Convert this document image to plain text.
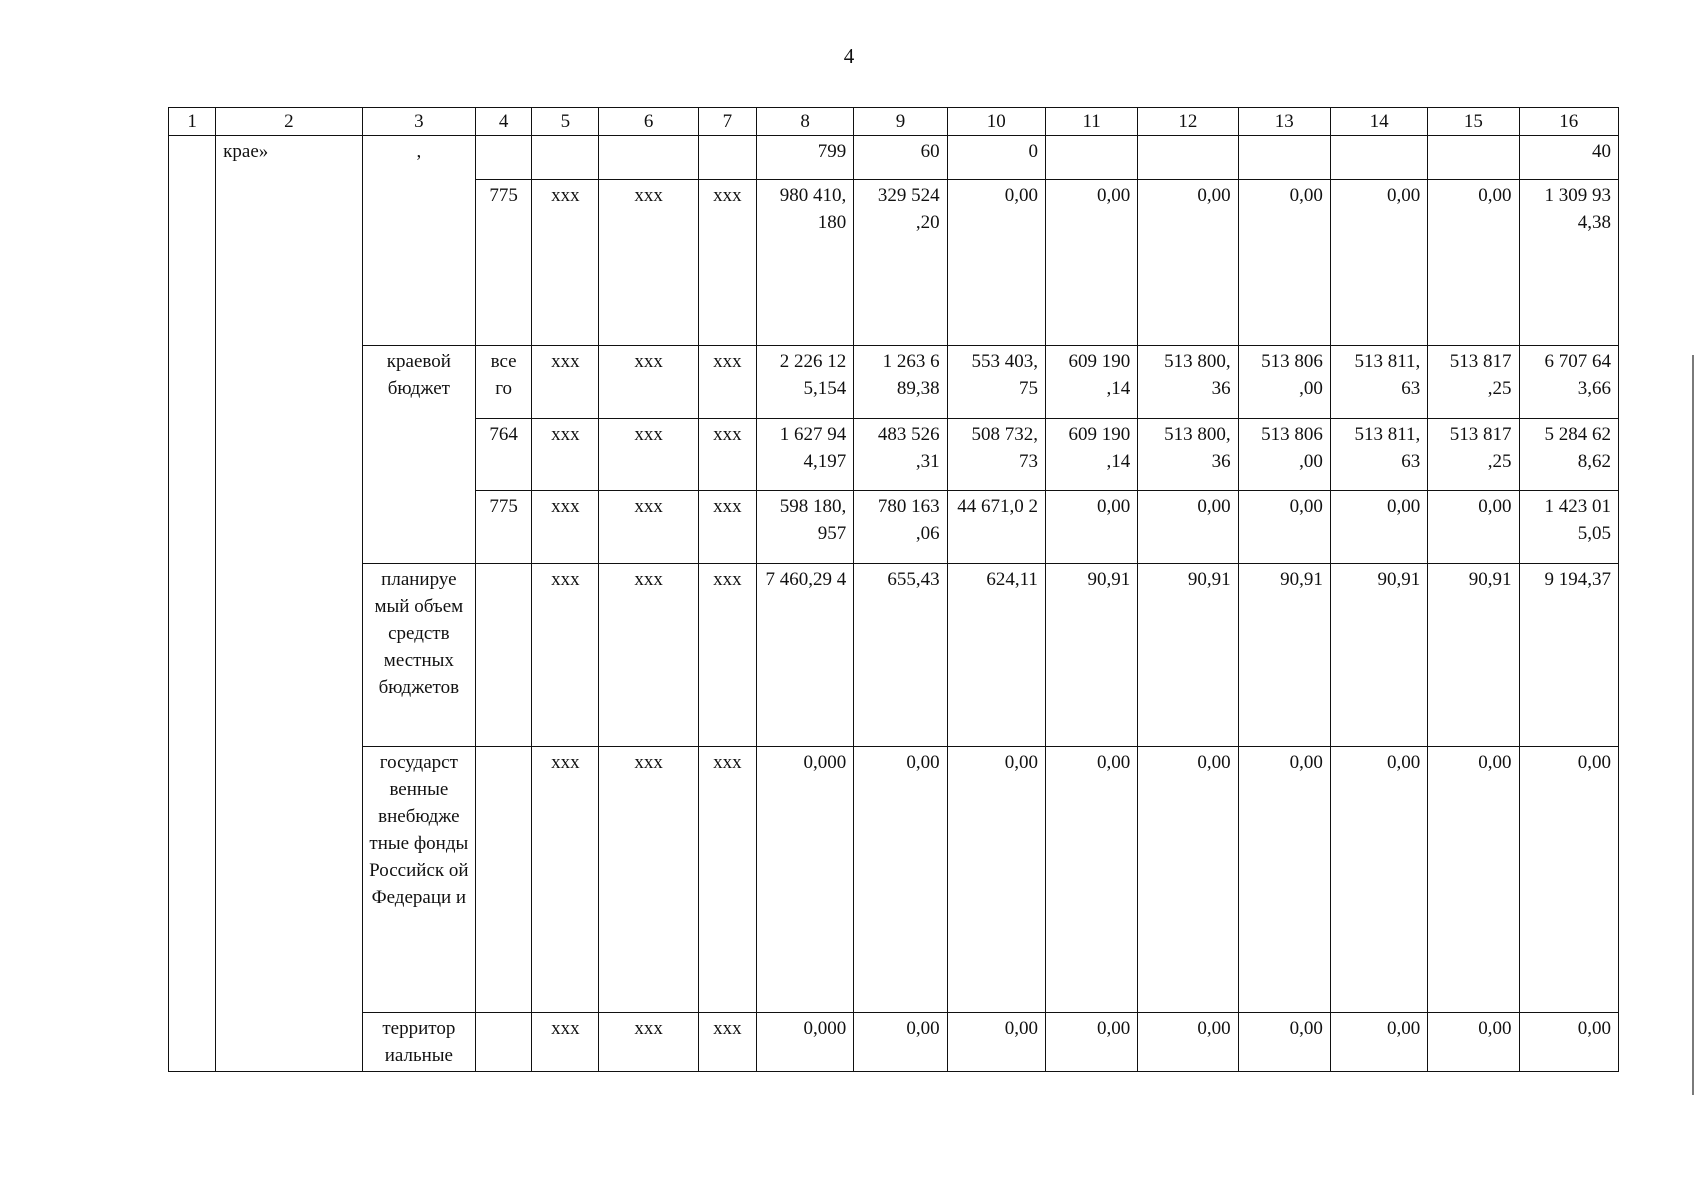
4
1	2	3	4	5	6	7	8	9	10	11	12	13	14	15	16
	крае»	,					799	60	0						40
			775	xxx	xxx	xxx	980 410, 180	329 524 ,20	0,00	0,00	0,00	0,00	0,00	0,00	1 309 93 4,38
		краевой бюджет	все го	xxx	xxx	xxx	2 226 12 5,154	1 263 6 89,38	553 403, 75	609 190 ,14	513 800, 36	513 806 ,00	513 811, 63	513 817 ,25	6 707 64 3,66
			764	xxx	xxx	xxx	1 627 94 4,197	483 526 ,31	508 732, 73	609 190 ,14	513 800, 36	513 806 ,00	513 811, 63	513 817 ,25	5 284 62 8,62
			775	xxx	xxx	xxx	598 180, 957	780 163 ,06	44 671,0 2	0,00	0,00	0,00	0,00	0,00	1 423 01 5,05
		планируе мый объем средств местных бюджетов		xxx	xxx	xxx	7 460,29 4	655,43	624,11	90,91	90,91	90,91	90,91	90,91	9 194,37
		государст венные внебюдже тные фонды Российск ой Федераци и		xxx	xxx	xxx	0,000	0,00	0,00	0,00	0,00	0,00	0,00	0,00	0,00
		территор иальные		xxx	xxx	xxx	0,000	0,00	0,00	0,00	0,00	0,00	0,00	0,00	0,00
